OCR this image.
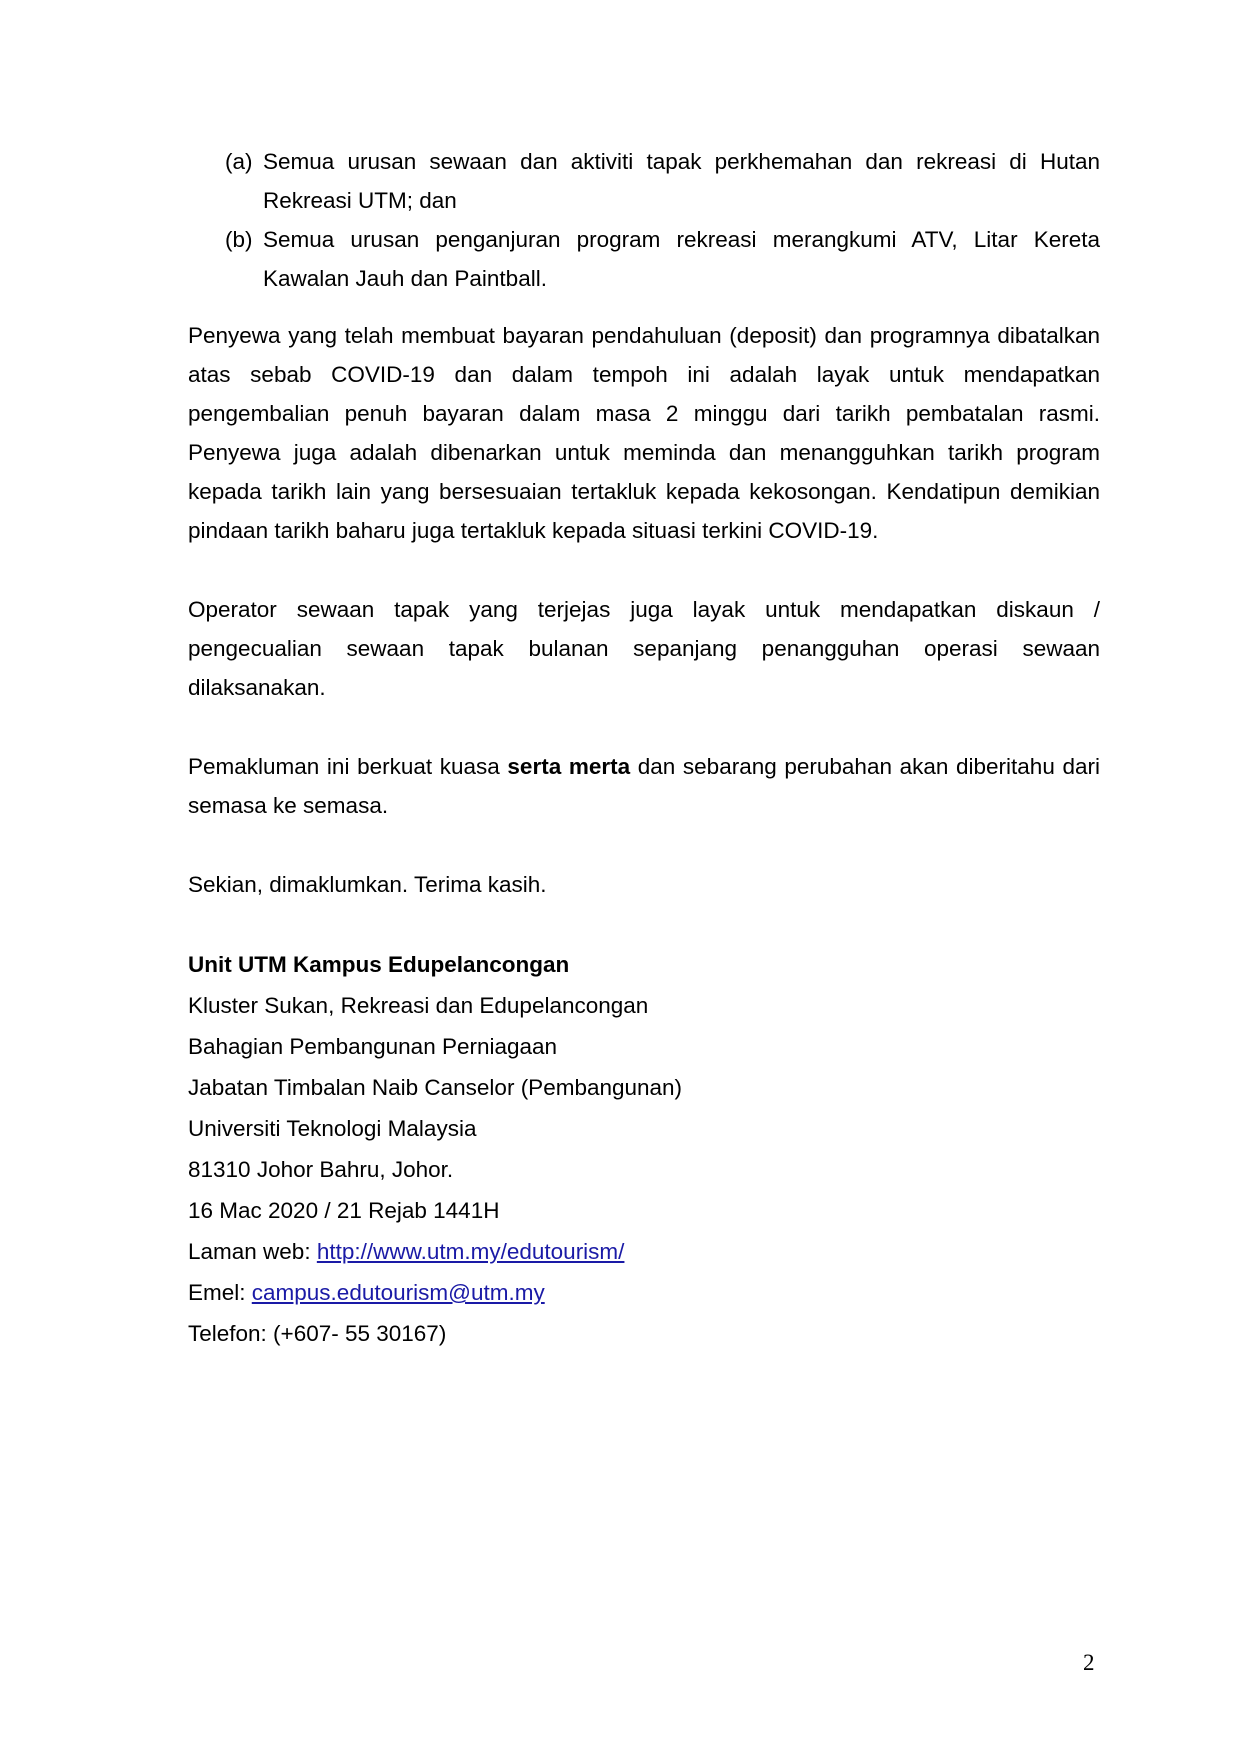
(a) Semua urusan sewaan dan aktiviti tapak perkhemahan dan rekreasi di Hutan Rekreasi UTM; dan
(b) Semua urusan penganjuran program rekreasi merangkumi ATV, Litar Kereta Kawalan Jauh dan Paintball.

Penyewa yang telah membuat bayaran pendahuluan (deposit) dan programnya dibatalkan atas sebab COVID-19 dan dalam tempoh ini adalah layak untuk mendapatkan pengembalian penuh bayaran dalam masa 2 minggu dari tarikh pembatalan rasmi. Penyewa juga adalah dibenarkan untuk meminda dan menangguhkan tarikh program kepada tarikh lain yang bersesuaian tertakluk kepada kekosongan. Kendatipun demikian pindaan tarikh baharu juga tertakluk kepada situasi terkini COVID-19.

Operator sewaan tapak yang terjejas juga layak untuk mendapatkan diskaun / pengecualian sewaan tapak bulanan sepanjang penangguhan operasi sewaan dilaksanakan.

Pemakluman ini berkuat kuasa serta merta dan sebarang perubahan akan diberitahu dari semasa ke semasa.

Sekian, dimaklumkan. Terima kasih.

Unit UTM Kampus Edupelancongan
Kluster Sukan, Rekreasi dan Edupelancongan
Bahagian Pembangunan Perniagaan
Jabatan Timbalan Naib Canselor (Pembangunan)
Universiti Teknologi Malaysia
81310 Johor Bahru, Johor.
16 Mac 2020 / 21 Rejab 1441H
Laman web: http://www.utm.my/edutourism/
Emel: campus.edutourism@utm.my
Telefon: (+607- 55 30167)
2
